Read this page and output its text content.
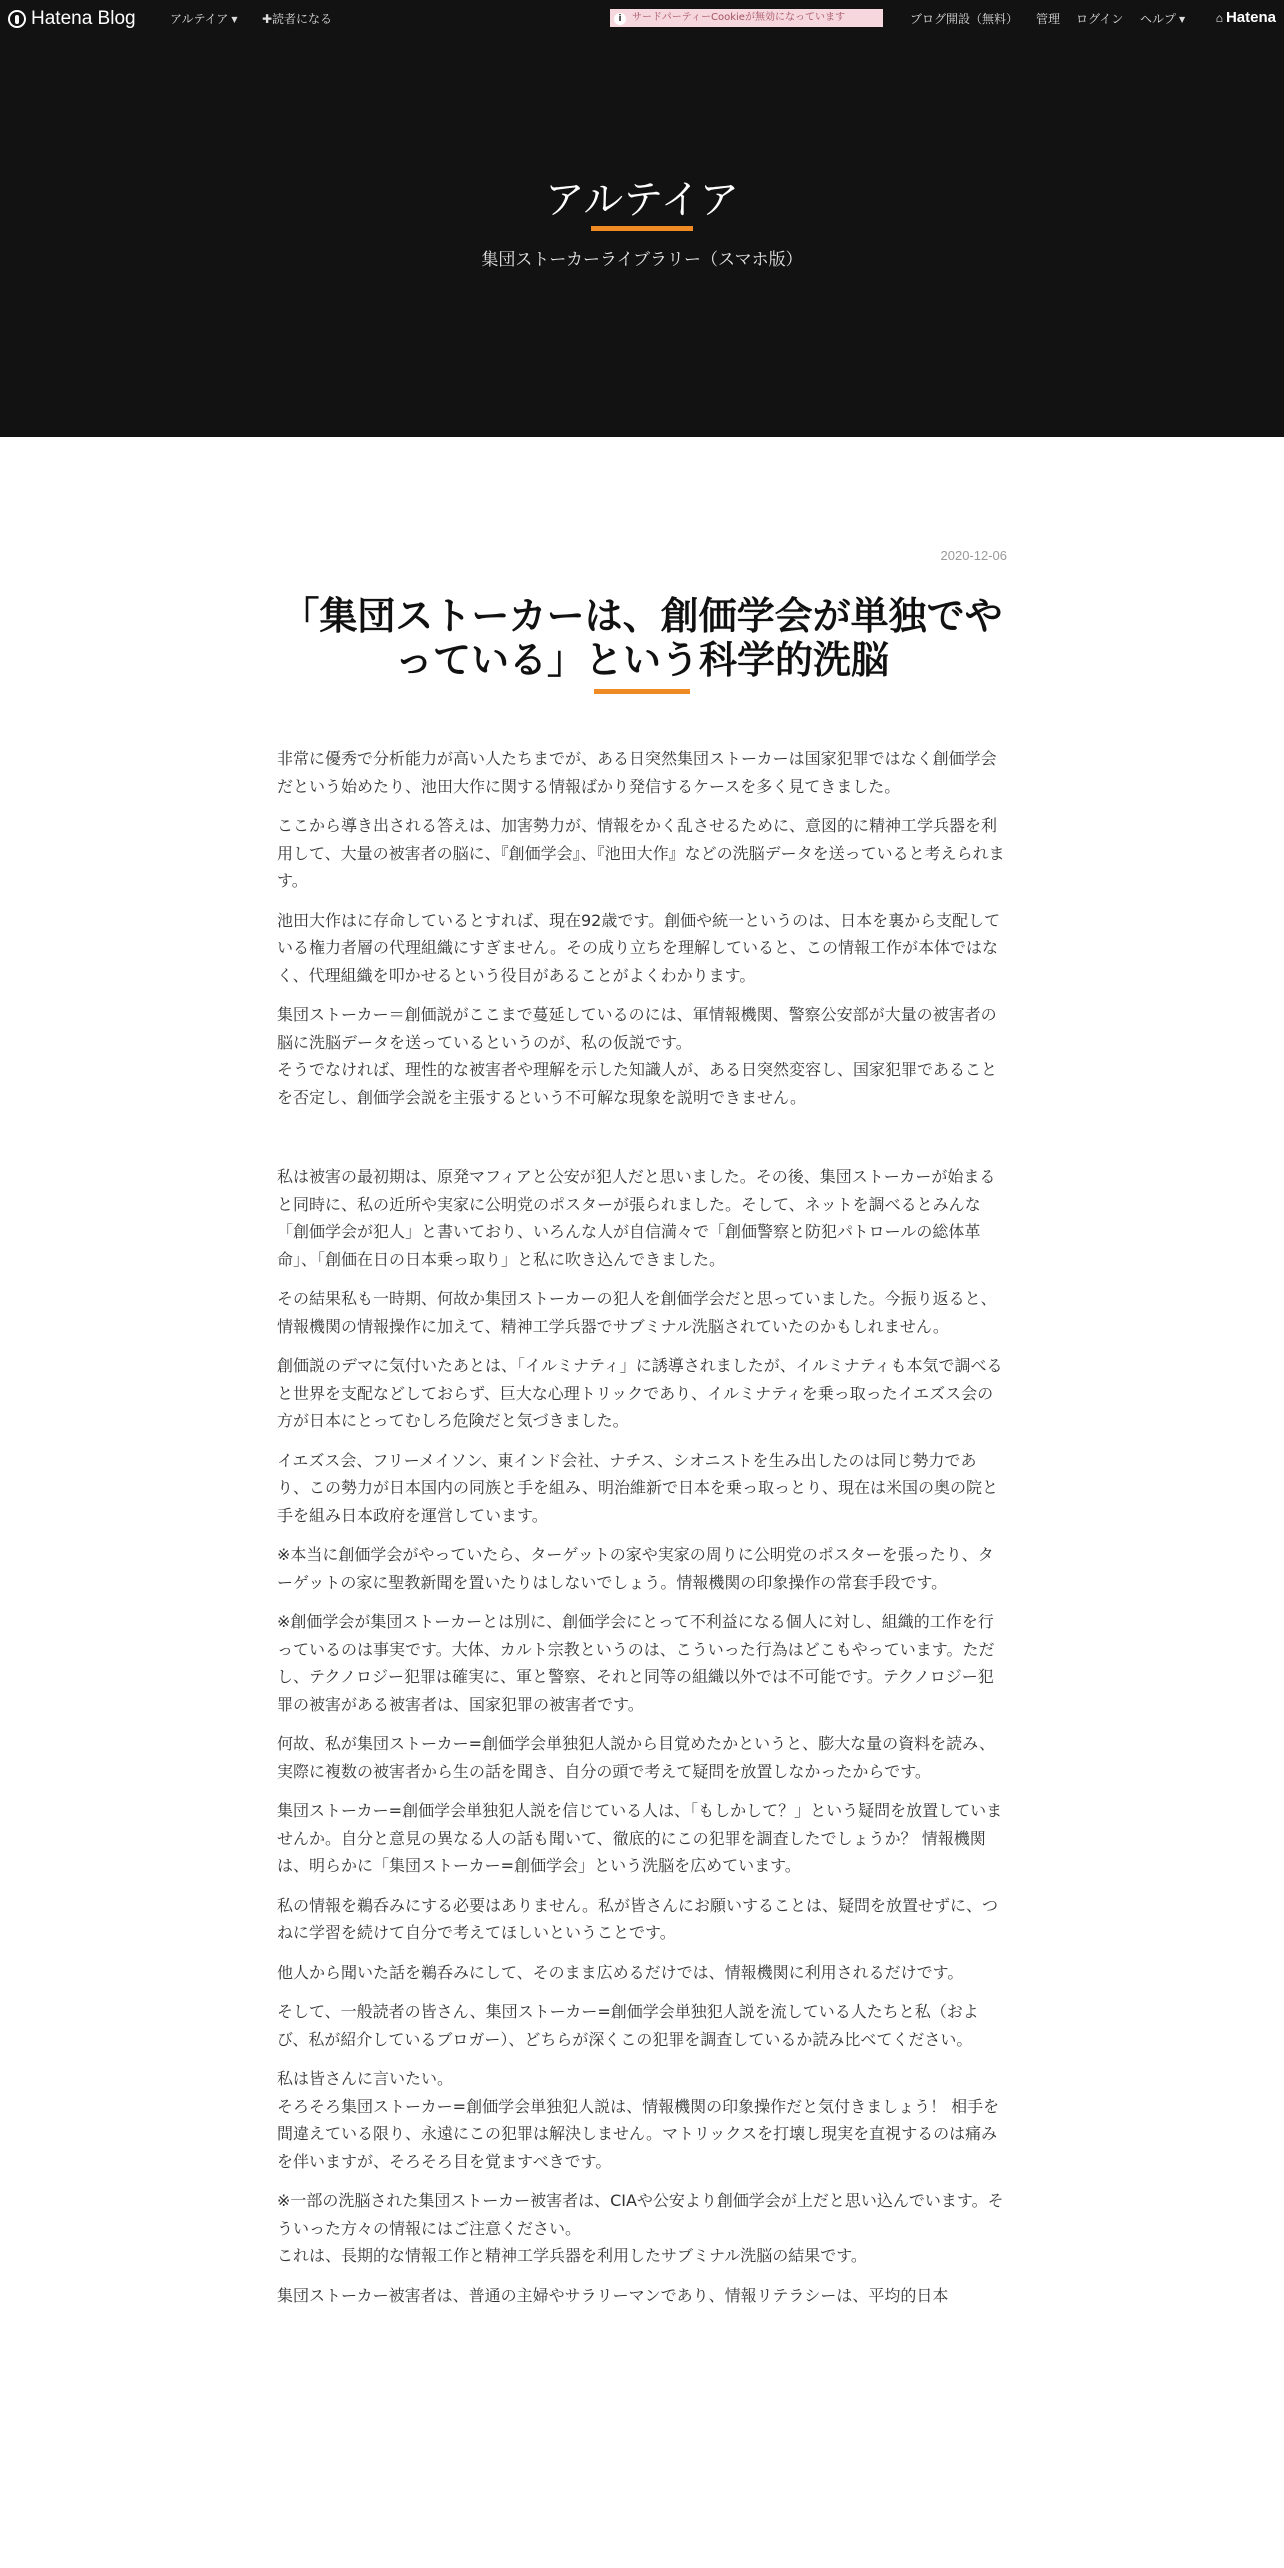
Hatena Blog	アルテイア ▼ ✚読者になる	i サードパーティーCookieが無効になっています	ブログ開設（無料） 管理 ログイン ヘルプ ▼	⌂ Hatena
アルテイア
集団ストーカーライブラリー（スマホ版）
2020-12-06
「集団ストーカーは、創価学会が単独でやっている」という科学的洗脳

非常に優秀で分析能力が高い人たちまでが、ある日突然集団ストーカーは国家犯罪ではなく創価学会だという始めたり、池田大作に関する情報ばかり発信するケースを多く見てきました。

ここから導き出される答えは、加害勢力が、情報をかく乱させるために、意図的に精神工学兵器を利用して、大量の被害者の脳に、『創価学会』、『池田大作』などの洗脳データを送っていると考えられます。

池田大作はに存命しているとすれば、現在92歳です。創価や統一というのは、日本を裏から支配している権力者層の代理組織にすぎません。その成り立ちを理解していると、この情報工作が本体ではなく、代理組織を叩かせるという役目があることがよくわかります。

集団ストーカー＝創価説がここまで蔓延しているのには、軍情報機関、警察公安部が大量の被害者の脳に洗脳データを送っているというのが、私の仮説です。
そうでなければ、理性的な被害者や理解を示した知識人が、ある日突然変容し、国家犯罪であることを否定し、創価学会説を主張するという不可解な現象を説明できません。

私は被害の最初期は、原発マフィアと公安が犯人だと思いました。その後、集団ストーカーが始まると同時に、私の近所や実家に公明党のポスターが張られました。そして、ネットを調べるとみんな「創価学会が犯人」と書いており、いろんな人が自信満々で「創価警察と防犯パトロールの総体革命」、「創価在日の日本乗っ取り」と私に吹き込んできました。

その結果私も一時期、何故か集団ストーカーの犯人を創価学会だと思っていました。今振り返ると、情報機関の情報操作に加えて、精神工学兵器でサブミナル洗脳されていたのかもしれません。

創価説のデマに気付いたあとは、「イルミナティ」に誘導されましたが、イルミナティも本気で調べると世界を支配などしておらず、巨大な心理トリックであり、イルミナティを乗っ取ったイエズス会の方が日本にとってむしろ危険だと気づきました。

イエズス会、フリーメイソン、東インド会社、ナチス、シオニストを生み出したのは同じ勢力であり、この勢力が日本国内の同族と手を組み、明治維新で日本を乗っ取っとり、現在は米国の奥の院と手を組み日本政府を運営しています。

※本当に創価学会がやっていたら、ターゲットの家や実家の周りに公明党のポスターを張ったり、ターゲットの家に聖教新聞を置いたりはしないでしょう。情報機関の印象操作の常套手段です。

※創価学会が集団ストーカーとは別に、創価学会にとって不利益になる個人に対し、組織的工作を行っているのは事実です。大体、カルト宗教というのは、こういった行為はどこもやっています。ただし、テクノロジー犯罪は確実に、軍と警察、それと同等の組織以外では不可能です。テクノロジー犯罪の被害がある被害者は、国家犯罪の被害者です。

何故、私が集団ストーカー=創価学会単独犯人説から目覚めたかというと、膨大な量の資料を読み、実際に複数の被害者から生の話を聞き、自分の頭で考えて疑問を放置しなかったからです。

集団ストーカー=創価学会単独犯人説を信じている人は、「もしかして？」という疑問を放置していませんか。自分と意見の異なる人の話も聞いて、徹底的にこの犯罪を調査したでしょうか？ 情報機関は、明らかに「集団ストーカー=創価学会」という洗脳を広めています。

私の情報を鵜呑みにする必要はありません。私が皆さんにお願いすることは、疑問を放置せずに、つねに学習を続けて自分で考えてほしいということです。

他人から聞いた話を鵜呑みにして、そのまま広めるだけでは、情報機関に利用されるだけです。

そして、一般読者の皆さん、集団ストーカー=創価学会単独犯人説を流している人たちと私（および、私が紹介しているブロガー）、どちらが深くこの犯罪を調査しているか読み比べてください。

私は皆さんに言いたい。
そろそろ集団ストーカー=創価学会単独犯人説は、情報機関の印象操作だと気付きましょう！ 相手を間違えている限り、永遠にこの犯罪は解決しません。マトリックスを打壊し現実を直視するのは痛みを伴いますが、そろそろ目を覚ますべきです。

※一部の洗脳された集団ストーカー被害者は、CIAや公安より創価学会が上だと思い込んでいます。そういった方々の情報にはご注意ください。
これは、長期的な情報工作と精神工学兵器を利用したサブミナル洗脳の結果です。

集団ストーカー被害者は、普通の主婦やサラリーマンであり、情報リテラシーは、平均的日本
